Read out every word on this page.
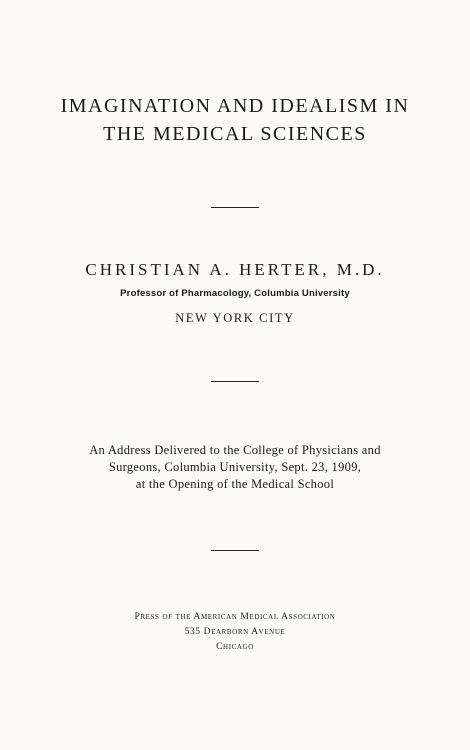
IMAGINATION AND IDEALISM IN
THE MEDICAL SCIENCES
CHRISTIAN A. HERTER, M.D.
Professor of Pharmacology, Columbia University
NEW YORK CITY
An Address Delivered to the College of Physicians and
Surgeons, Columbia University, Sept. 23, 1909,
at the Opening of the Medical School
Press of the American Medical Association
535 Dearborn Avenue
Chicago
